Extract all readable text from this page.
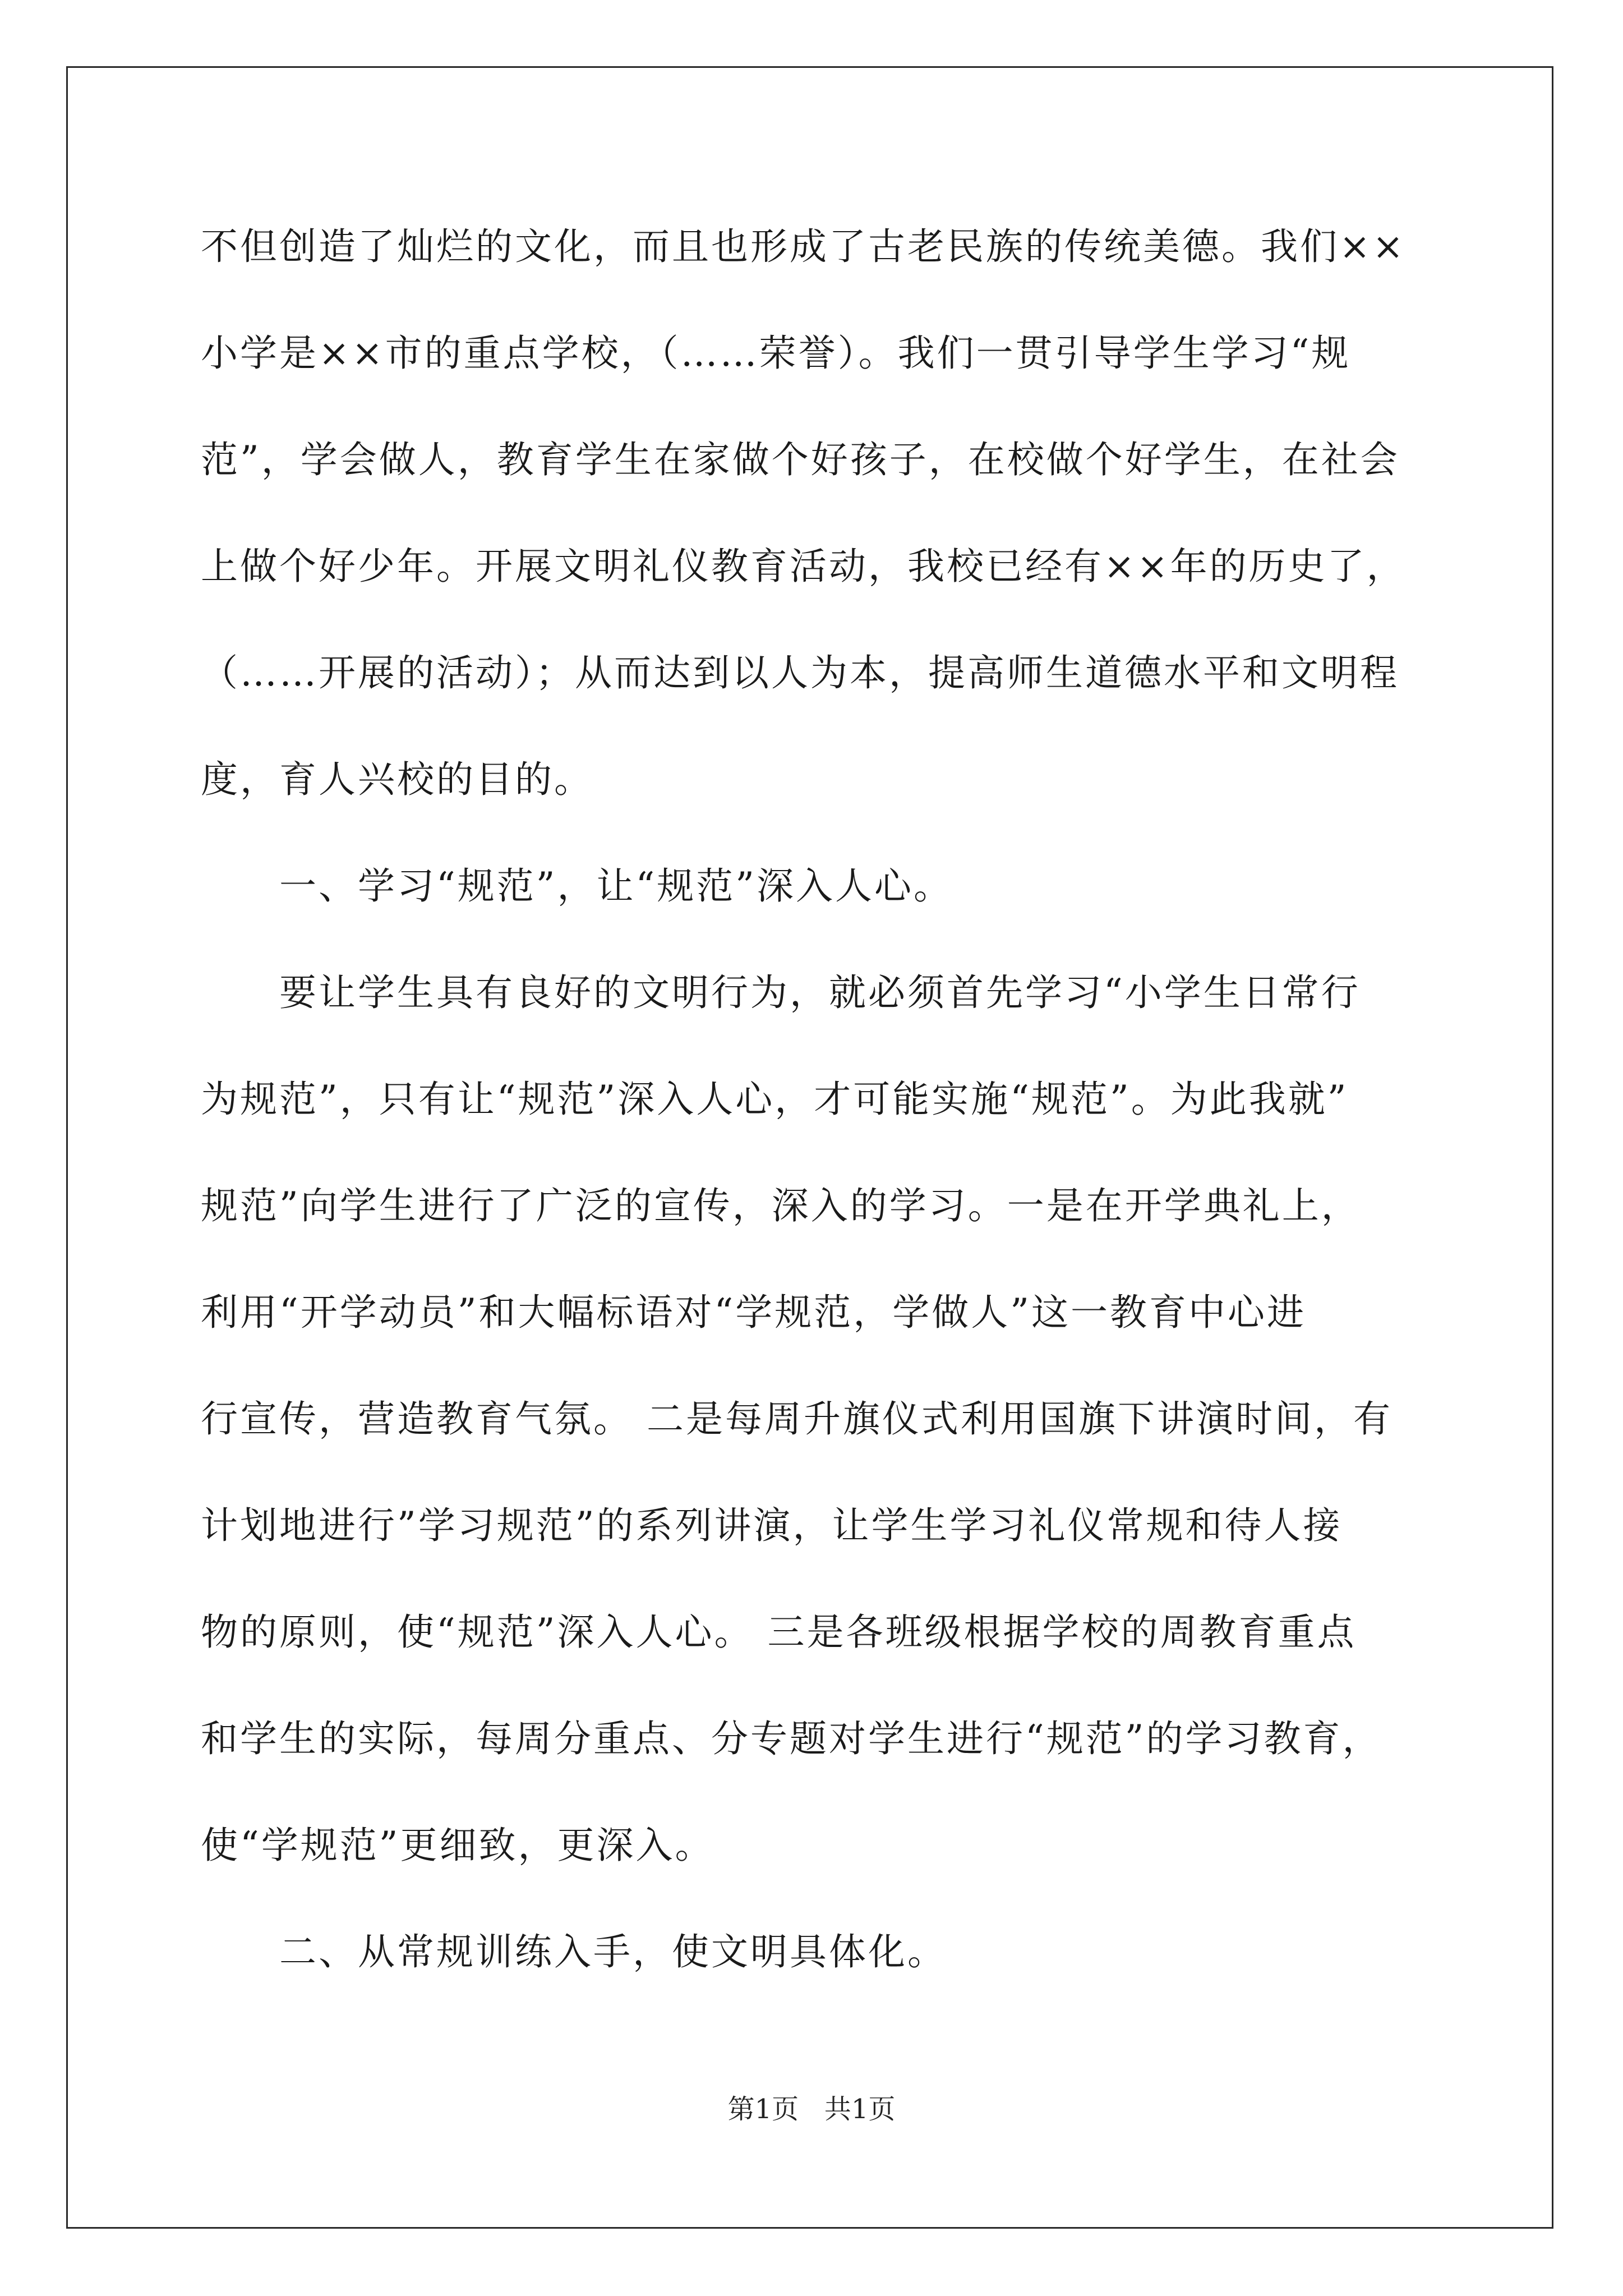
不但创造了灿烂的文化，而且也形成了古老民族的传统美德。我们××
小学是××市的重点学校，（……荣誉）。我们一贯引导学生学习“规
范”，学会做人，教育学生在家做个好孩子，在校做个好学生，在社会
上做个好少年。开展文明礼仪教育活动，我校已经有××年的历史了，
（……开展的活动）；从而达到以人为本，提高师生道德水平和文明程
度，育人兴校的目的。
一、学习“规范”，让“规范”深入人心。
要让学生具有良好的文明行为，就必须首先学习“小学生日常行
为规范”，只有让“规范”深入人心，才可能实施“规范”。为此我就”
规范”向学生进行了广泛的宣传，深入的学习。一是在开学典礼上，
利用“开学动员”和大幅标语对“学规范，学做人”这一教育中心进
行宣传，营造教育气氛。 二是每周升旗仪式利用国旗下讲演时间，有
计划地进行”学习规范”的系列讲演，让学生学习礼仪常规和待人接
物的原则，使“规范”深入人心。 三是各班级根据学校的周教育重点
和学生的实际，每周分重点、分专题对学生进行“规范”的学习教育，
使“学规范”更细致，更深入。
二、从常规训练入手，使文明具体化。
第1页   共1页
